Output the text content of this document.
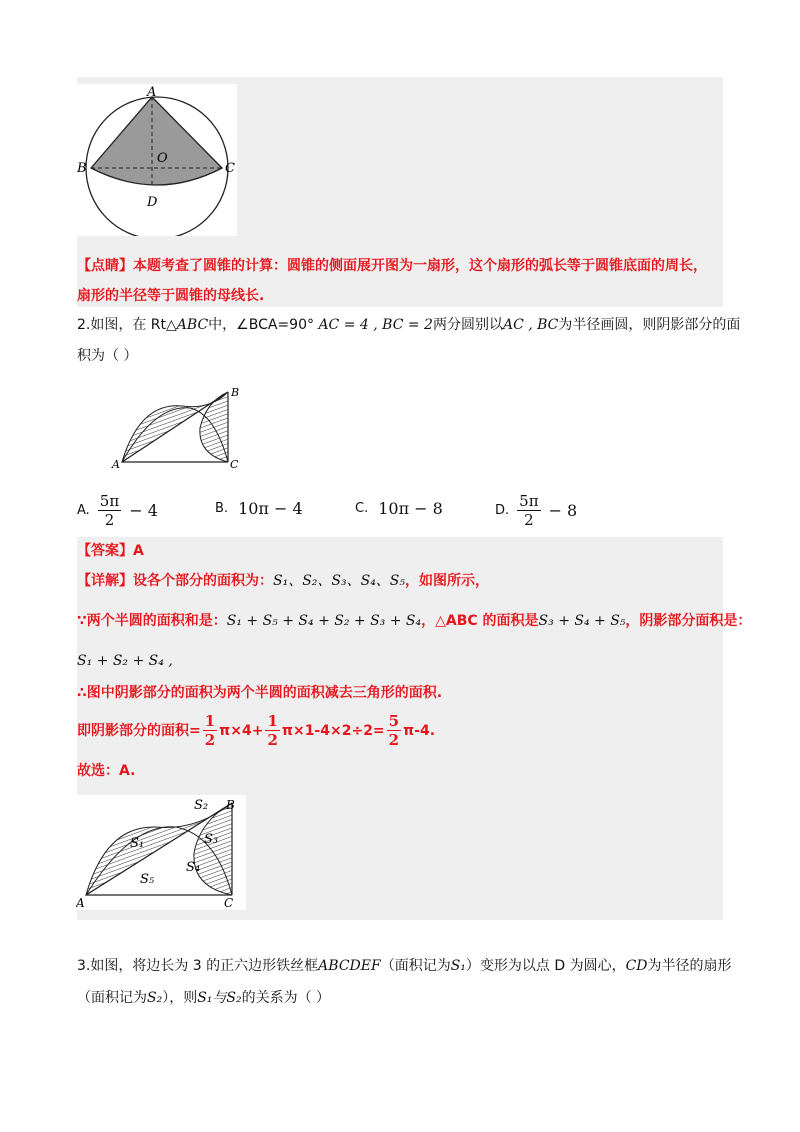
A
B	C
O
D
【点睛】本题考查了圆锥的计算：圆锥的侧面展开图为一扇形，这个扇形的弧长等于圆锥底面的周长，
扇形的半径等于圆锥的母线长.
2.如图，在 Rt△ABC中，∠BCA=90° AC = 4 , BC = 2两分圆别以AC , BC为半径画圆，则阴影部分的面
积为（ ）
A
B
C
A. $\frac{5\pi}{2} - 4$	B. 10π − 4	C. 10π − 8	D. $\frac{5\pi}{2} - 8$
【答案】A
【详解】设各个部分的面积为：S₁、S₂、S₃、S₄、S₅，如图所示，
∵两个半圆的面积和是：S₁ + S₅ + S₄ + S₂ + S₃ + S₄，△ABC 的面积是S₃ + S₄ + S₅，阴影部分面积是：
S₁ + S₂ + S₄ ,
∴图中阴影部分的面积为两个半圆的面积减去三角形的面积.
即阴影部分的面积= $\frac{1}{2} \pi\times 4+ \frac{1}{2} \pi\times 1-4\times 2\div 2= \frac{5}{2} \pi-4$.
故选：A.
A
B
C
S₁
S₂
S₃
S₄
S₅
3.如图，将边长为 3 的正六边形铁丝框ABCDEF（面积记为S₁）变形为以点 D 为圆心，CD为半径的扇形
（面积记为S₂），则S₁与S₂的关系为（ ）
